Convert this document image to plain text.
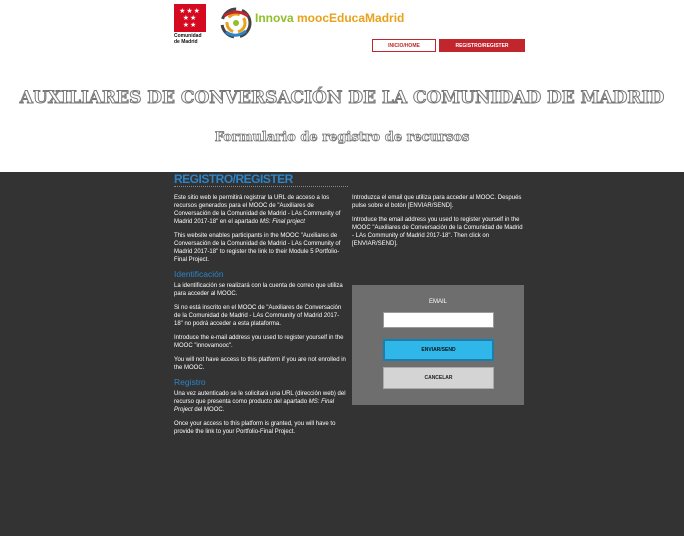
★★★
★★
★★
Comunidad de Madrid
Innova moocEducaMadrid
INICIO/HOME	REGISTRO/REGISTER
AUXILIARES DE CONVERSACIÓN DE LA COMUNIDAD DE MADRID
Formulario de registro de recursos
REGISTRO/REGISTER

Este sitio web le permitirá registrar la URL de acceso a los recursos generados para el MOOC de "Auxiliares de Conversación de la Comunidad de Madrid - LAs Community of Madrid 2017-18" en el apartado MS: Final project

This website enables participants in the MOOC "Auxiliares de Conversación de la Comunidad de Madrid - LAs Community of Madrid 2017-18" to register the link to their Module 5 Portfolio-Final Project.

Identificación

La identificación se realizará con la cuenta de correo que utiliza para acceder al MOOC.

Si no está inscrito en el MOOC de "Auxiliares de Conversación de la Comunidad de Madrid - LAs Community of Madrid 2017-18" no podrá acceder a esta plataforma.

Introduce the e-mail address you used to register yourself in the MOOC "innovamooc".

You will not have access to this platform if you are not enrolled in the MOOC.

Registro

Una vez autenticado se le solicitará una URL (dirección web) del recurso que presenta como producto del apartado MS: Final Project del MOOC.

Once your access to this platform is granted, you will have to provide the link to your Portfolio-Final Project.

Introduzca el email que utiliza para acceder al MOOC. Después pulse sobre el botón [ENVIAR/SEND].

Introduce the email address you used to register yourself in the MOOC "Auxiliares de Conversación de la Comunidad de Madrid - LAs Community of Madrid 2017-18". Then click on [ENVIAR/SEND].

EMAIL
ENVIAR/SEND
CANCELAR
